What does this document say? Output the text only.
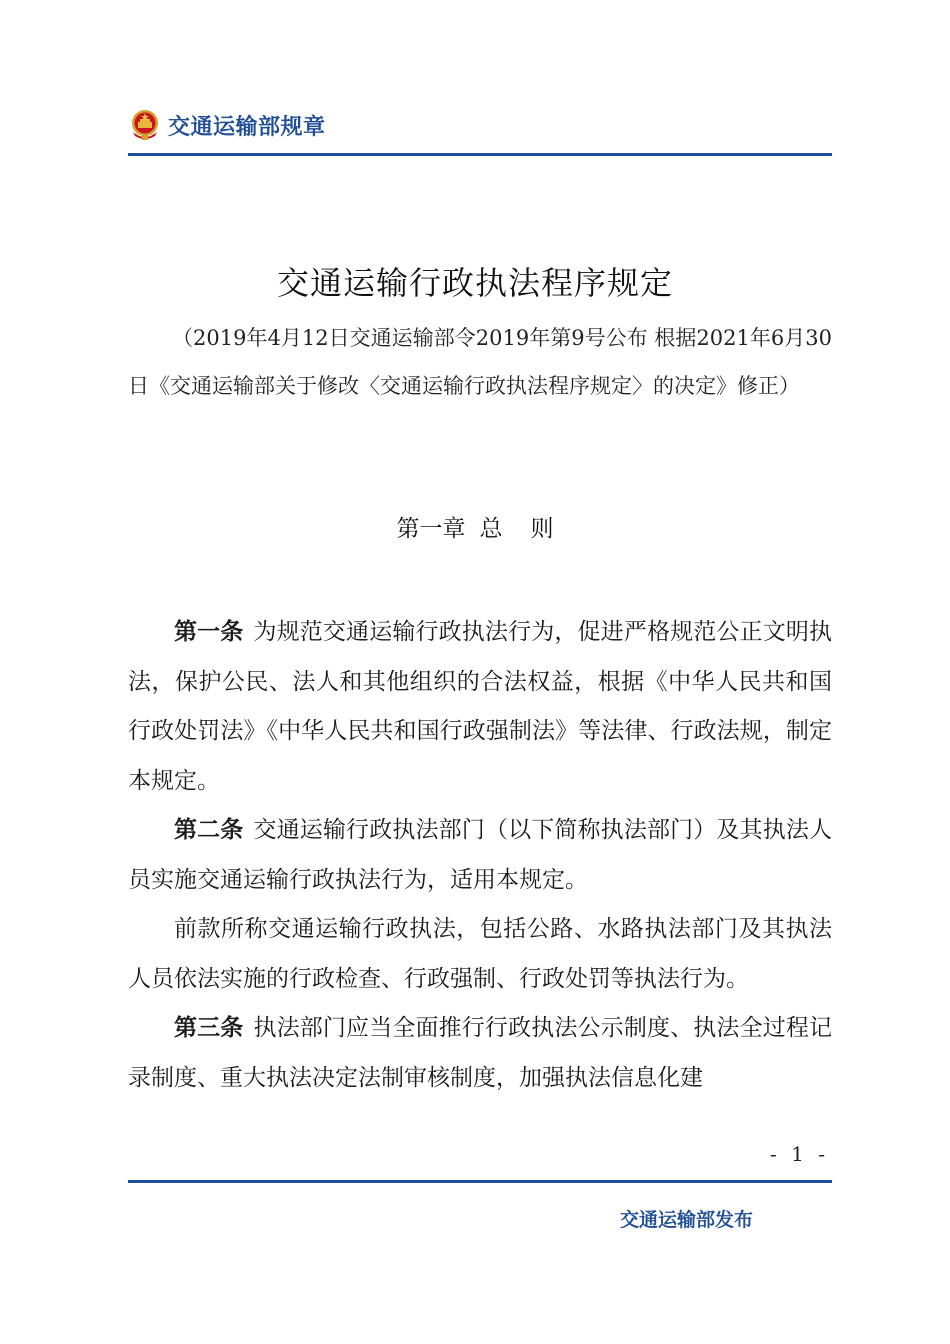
交通运输部规章
交通运输行政执法程序规定
（2019年4月12日交通运输部令2019年第9号公布 根据2021年6月30日《交通运输部关于修改〈交通运输行政执法程序规定〉的决定》修正）
第一章 总 则

第一条 为规范交通运输行政执法行为，促进严格规范公正文明执法，保护公民、法人和其他组织的合法权益，根据《中华人民共和国行政处罚法》《中华人民共和国行政强制法》等法律、行政法规，制定本规定。

第二条 交通运输行政执法部门（以下简称执法部门）及其执法人员实施交通运输行政执法行为，适用本规定。

前款所称交通运输行政执法，包括公路、水路执法部门及其执法人员依法实施的行政检查、行政强制、行政处罚等执法行为。

第三条 执法部门应当全面推行行政执法公示制度、执法全过程记录制度、重大执法决定法制审核制度，加强执法信息化建

- 1 -
交通运输部发布
